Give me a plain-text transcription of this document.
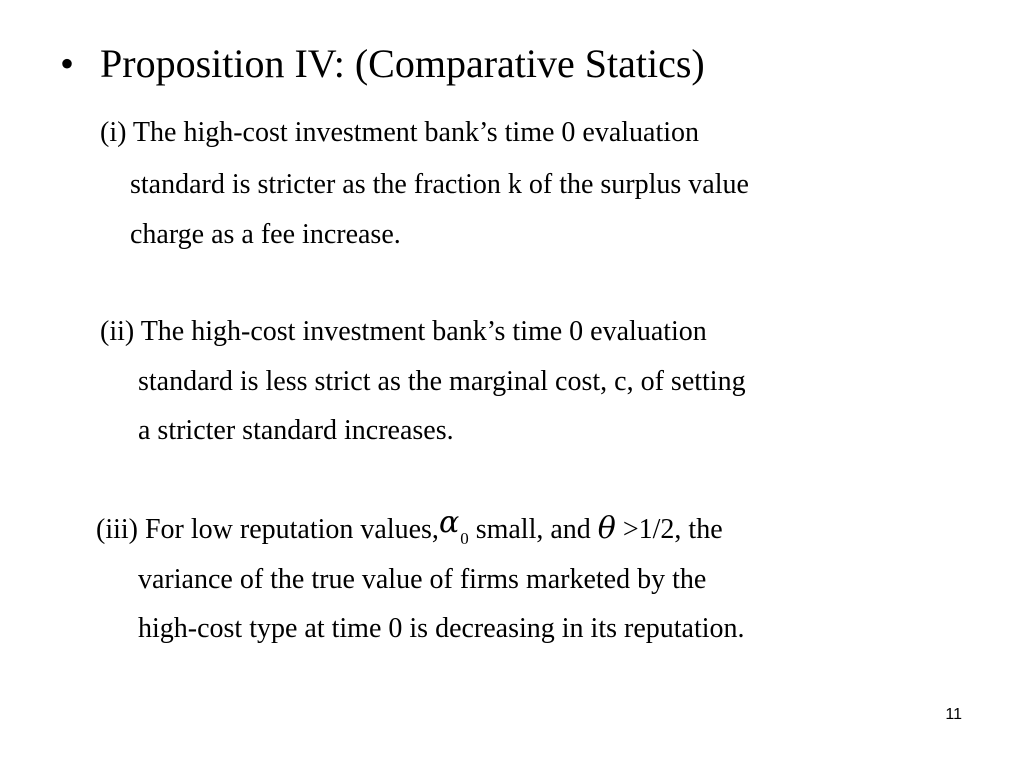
• Proposition IV: (Comparative Statics)
(i) The high-cost investment bank’s time 0 evaluation
standard is stricter as the fraction k of the surplus value
charge as a fee increase.
(ii) The high-cost investment bank’s time 0 evaluation
standard is less strict as the marginal cost, c, of setting
a stricter standard increases.
(iii) For low reputation $values,\alpha_0$ small, and θ >1/2, the
variance of the true value of firms marketed by the
high-cost type at time 0 is decreasing in its reputation.
11
